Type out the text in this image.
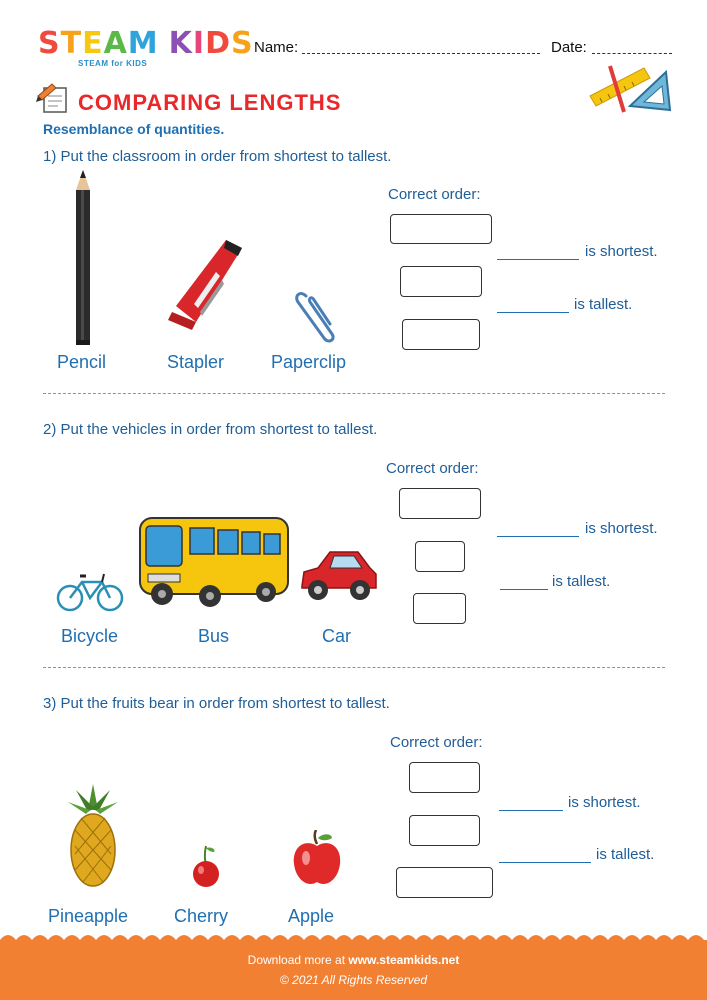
STEAM KIDS
STEAM for KIDS
Name:	Date:
COMPARING LENGTHS
Resemblance of quantities.
1) Put the classroom in order from shortest to tallest.
Pencil	Stapler	Paperclip
Correct order:
is shortest.
is tallest.
2) Put the vehicles in order from shortest to tallest.
Bicycle	Bus	Car
Correct order:
is shortest.
is tallest.
3) Put the fruits bear in order from shortest to tallest.
Pineapple	Cherry	Apple
Correct order:
is shortest.
is tallest.
Download more at www.steamkids.net
© 2021 All Rights Reserved
